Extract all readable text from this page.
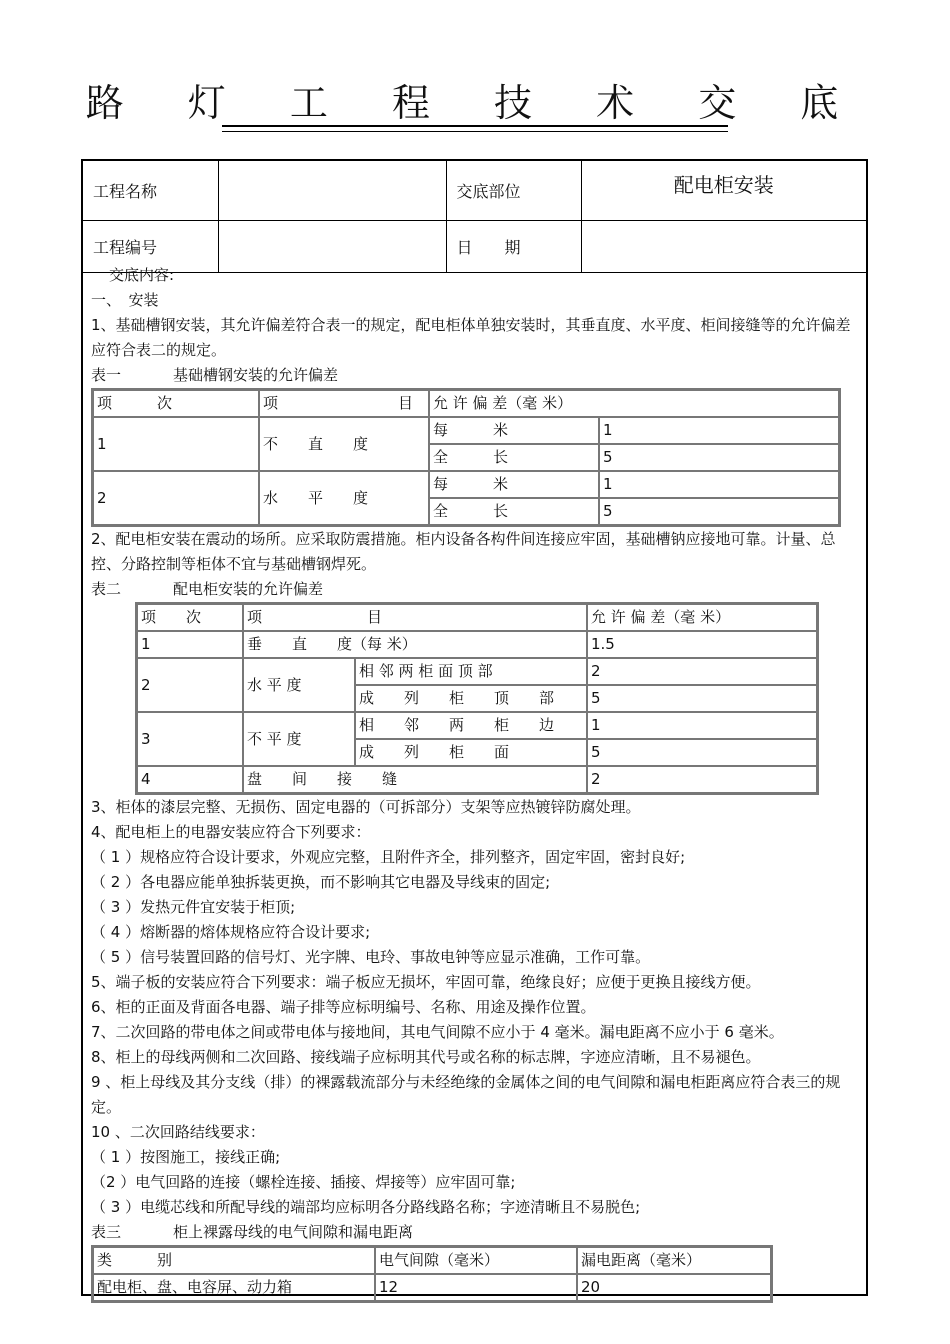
路 灯 工 程 技 术 交 底
工程名称		交底部位	配电柜安装
工程编号		日　　期	

交底内容:

一、　安装

1、基础槽钢安装，其允许偏差符合表一的规定，配电柜体单独安装时，其垂直度、水平度、柜间接缝等的允许偏差应符合表二的规定。

表一	基础槽钢安装的允许偏差

项　　　次	项　　　　　　　　目	允 许 偏 差（毫 米）	
1	不　　直　　度	每　　　米	1
		全　　　长	5
2	水　　平　　度	每　　　米	1
		全　　　长	5

2、配电柜安装在震动的场所。应采取防震措施。柜内设备各构件间连接应牢固，基础槽钠应接地可靠。计量、总控、分路控制等柜体不宜与基础槽钢焊死。

表二	配电柜安装的允许偏差

项　　次	项　　　　　　　目		允 许 偏 差（毫 米）
1	垂　　直　　度（每 米）		1.5
2	水 平 度	相 邻 两 柜 面 顶 部	2
		成　　列　　柜　　顶　　部	5
3	不 平 度	相　　邻　　两　　柜　　边	1
		成　　列　　柜　　面	5
4	盘　　间　　接　　缝		2

3、柜体的漆层完整、无损伤、固定电器的（可拆部分）支架等应热镀锌防腐处理。

4、配电柜上的电器安装应符合下列要求：

（ 1 ）规格应符合设计要求，外观应完整，且附件齐全，排列整齐，固定牢固，密封良好;

（ 2 ）各电器应能单独拆装更换，而不影响其它电器及导线束的固定;

（ 3 ）发热元件宜安装于柜顶;

（ 4 ）熔断器的熔体规格应符合设计要求;

（ 5 ）信号装置回路的信号灯、光字牌、电玲、事故电钟等应显示准确，工作可靠。

5、端子板的安装应符合下列要求：端子板应无损坏，牢固可靠，绝缘良好；应便于更换且接线方便。

6、柜的正面及背面各电器、端子排等应标明编号、名称、用途及操作位置。

7、二次回路的带电体之间或带电体与接地间，其电气间隙不应小于 4 毫米。漏电距离不应小于 6 毫米。

8、柜上的母线两侧和二次回路、接线端子应标明其代号或名称的标志牌，字迹应清晰，且不易褪色。

9 、柜上母线及其分支线（排）的裸露载流部分与未经绝缘的金属体之间的电气间隙和漏电柜距离应符合表三的规定。

10 、二次回路结线要求：

（ 1 ）按图施工，接线正确;

（2 ）电气回路的连接（螺栓连接、插接、焊接等）应牢固可靠;

（ 3 ）电缆芯线和所配导线的端部均应标明各分路线路名称；字迹清晰且不易脱色;

表三	柜上裸露母线的电气间隙和漏电距离

类　　　别	电气间隙（毫米）	漏电距离（毫米）
配电柜、盘、电容屏、动力箱	12	20
